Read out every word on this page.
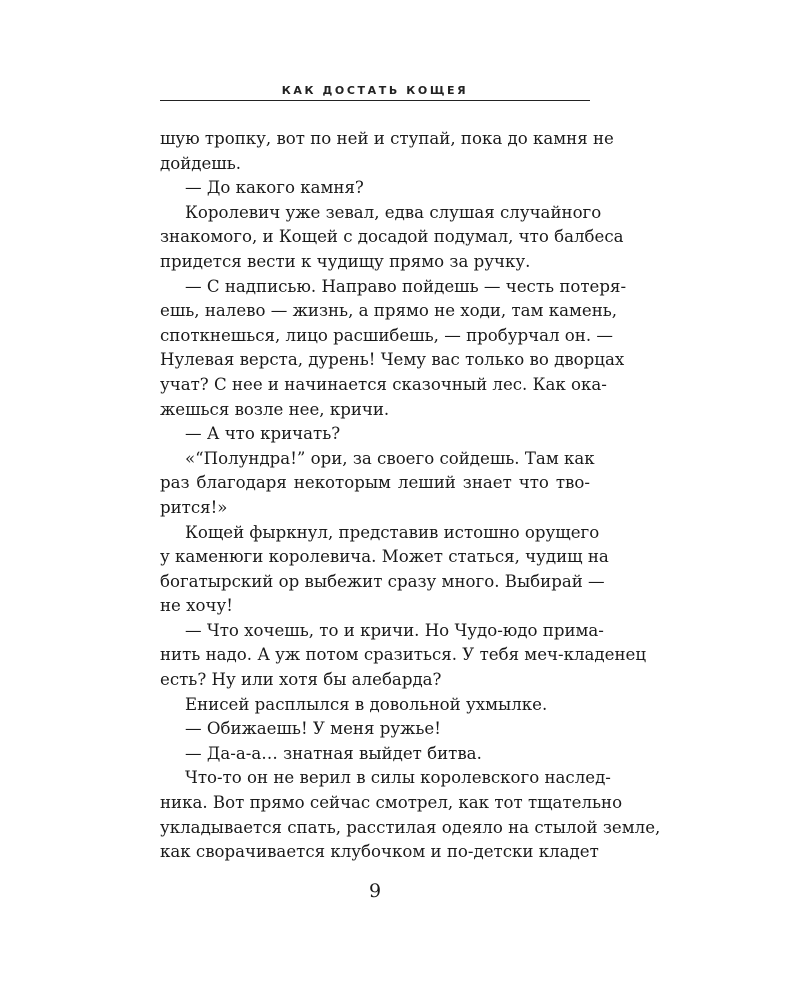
КАК ДОСТАТЬ КОЩЕЯ
шую тропку, вот по ней и ступай, пока до камня не
дойдешь.
— До какого камня?
Королевич уже зевал, едва слушая случайного
знакомого, и Кощей с досадой подумал, что балбеса
придется вести к чудищу прямо за ручку.
— С надписью. Направо пойдешь — честь потеря-
ешь, налево — жизнь, а прямо не ходи, там камень,
споткнешься, лицо расшибешь, — пробурчал он. —
Нулевая верста, дурень! Чему вас только во дворцах
учат? С нее и начинается сказочный лес. Как ока-
жешься возле нее, кричи.
— А что кричать?
«“Полундра!” ори, за своего сойдешь. Там как
раз благодаря некоторым леший знает что тво-
рится!»
Кощей фыркнул, представив истошно орущего
у каменюги королевича. Может статься, чудищ на
богатырский ор выбежит сразу много. Выбирай —
не хочу!
— Что хочешь, то и кричи. Но Чудо-юдо прима-
нить надо. А уж потом сразиться. У тебя меч-кладенец
есть? Ну или хотя бы алебарда?
Енисей расплылся в довольной ухмылке.
— Обижаешь! У меня ружье!
— Да-а-а… знатная выйдет битва.
Что-то он не верил в силы королевского наслед-
ника. Вот прямо сейчас смотрел, как тот тщательно
укладывается спать, расстилая одеяло на стылой земле,
как сворачивается клубочком и по-детски кладет
9
